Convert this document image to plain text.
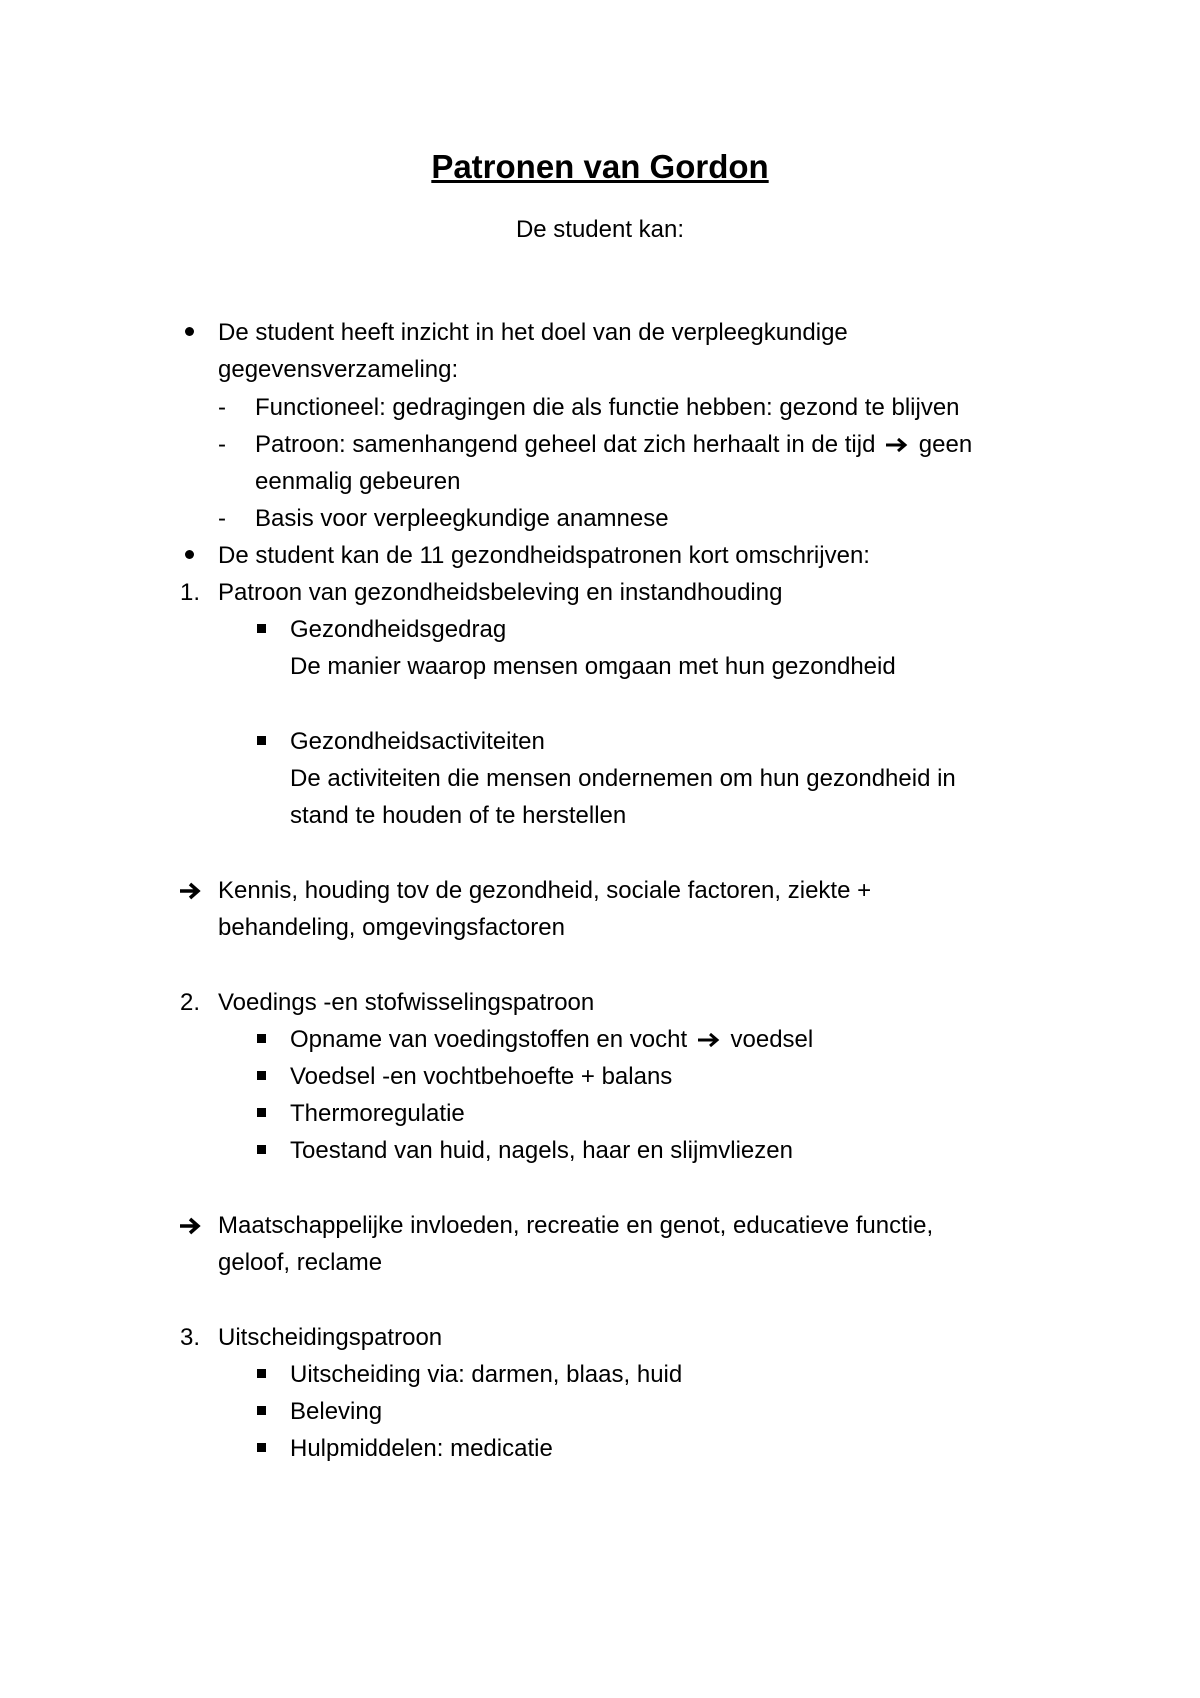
Patronen van Gordon
De student kan:
De student heeft inzicht in het doel van de verpleegkundige
gegevensverzameling:
- Functioneel: gedragingen die als functie hebben: gezond te blijven
- Patroon: samenhangend geheel dat zich herhaalt in de tijd geen
eenmalig gebeuren
- Basis voor verpleegkundige anamnese
De student kan de 11 gezondheidspatronen kort omschrijven:
1. Patroon van gezondheidsbeleving en instandhouding
Gezondheidsgedrag
De manier waarop mensen omgaan met hun gezondheid
Gezondheidsactiviteiten
De activiteiten die mensen ondernemen om hun gezondheid in
stand te houden of te herstellen
Kennis, houding tov de gezondheid, sociale factoren, ziekte +
behandeling, omgevingsfactoren
2. Voedings -en stofwisselingspatroon
Opname van voedingstoffen en vocht voedsel
Voedsel -en vochtbehoefte + balans
Thermoregulatie
Toestand van huid, nagels, haar en slijmvliezen
Maatschappelijke invloeden, recreatie en genot, educatieve functie,
geloof, reclame
3. Uitscheidingspatroon
Uitscheiding via: darmen, blaas, huid
Beleving
Hulpmiddelen: medicatie
